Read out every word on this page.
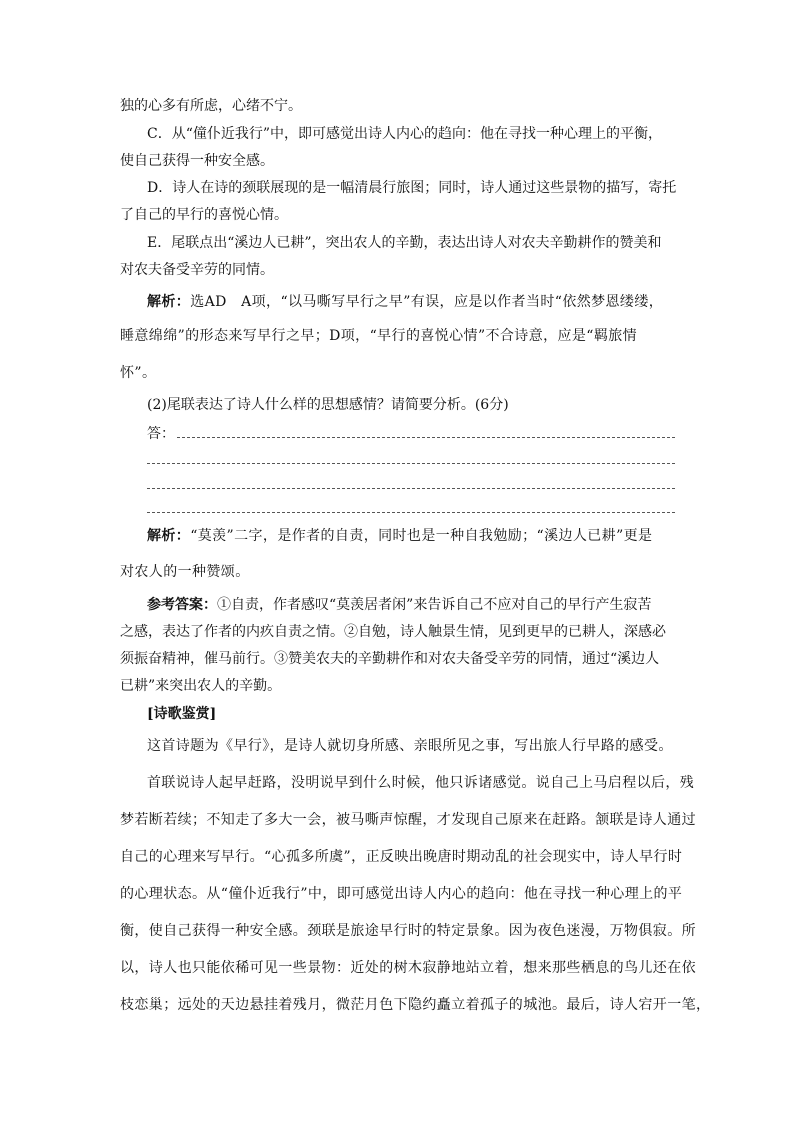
独的心多有所虑，心绪不宁。
C．从“僮仆近我行”中，即可感觉出诗人内心的趋向：他在寻找一种心理上的平衡，
使自己获得一种安全感。
D．诗人在诗的颈联展现的是一幅清晨行旅图；同时，诗人通过这些景物的描写，寄托
了自己的早行的喜悦心情。
E．尾联点出“溪边人已耕”，突出农人的辛勤，表达出诗人对农夫辛勤耕作的赞美和
对农夫备受辛劳的同情。
解析：选AD　A项，“以马嘶写早行之早”有误，应是以作者当时“依然梦恩缕缕，
睡意绵绵”的形态来写早行之早；D项，“早行的喜悦心情”不合诗意，应是“羁旅情
怀”。
(2)尾联表达了诗人什么样的思想感情？请简要分析。(6分)
答：
解析：“莫羡”二字，是作者的自责，同时也是一种自我勉励；“溪边人已耕”更是
对农人的一种赞颂。
参考答案：①自责，作者感叹“莫羡居者闲”来告诉自己不应对自己的早行产生寂苦
之感，表达了作者的内疚自责之情。②自勉，诗人触景生情，见到更早的已耕人，深感必
须振奋精神，催马前行。③赞美农夫的辛勤耕作和对农夫备受辛劳的同情，通过“溪边人
已耕”来突出农人的辛勤。
[诗歌鉴赏]
这首诗题为《早行》，是诗人就切身所感、亲眼所见之事，写出旅人行早路的感受。
首联说诗人起早赶路，没明说早到什么时候，他只诉诸感觉。说自己上马启程以后，残
梦若断若续；不知走了多大一会，被马嘶声惊醒，才发现自己原来在赶路。颔联是诗人通过
自己的心理来写早行。“心孤多所虞”，正反映出晚唐时期动乱的社会现实中，诗人早行时
的心理状态。从“僮仆近我行”中，即可感觉出诗人内心的趋向：他在寻找一种心理上的平
衡，使自己获得一种安全感。颈联是旅途早行时的特定景象。因为夜色迷漫，万物俱寂。所
以，诗人也只能依稀可见一些景物：近处的树木寂静地站立着，想来那些栖息的鸟儿还在依
枝恋巢；远处的天边悬挂着残月，微茫月色下隐约矗立着孤子的城池。最后，诗人宕开一笔，
